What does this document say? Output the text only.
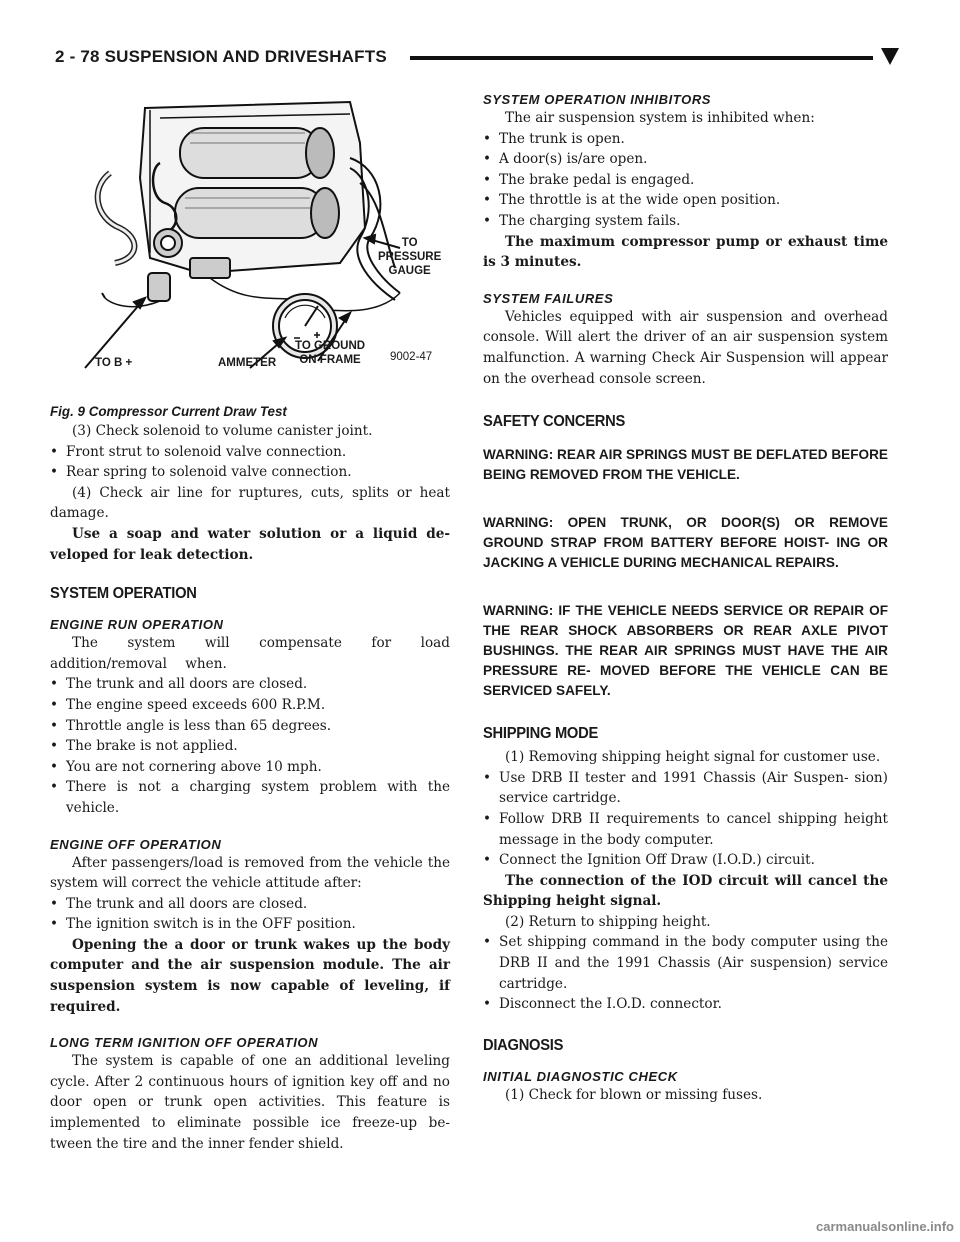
2 - 78 SUSPENSION AND DRIVESHAFTS
TO
PRESSURE
GAUGE
TO B +	AMMETER
TO GROUND
ON FRAME	9002-47
Fig. 9 Compressor Current Draw Test
(3) Check solenoid to volume canister joint.
• Front strut to solenoid valve connection.
• Rear spring to solenoid valve connection.
(4) Check air line for ruptures, cuts, splits or heat damage.
Use a soap and water solution or a liquid de- veloped for leak detection.
SYSTEM OPERATION
ENGINE RUN OPERATION
The system will compensate for load addition/removal when.
• The trunk and all doors are closed.
• The engine speed exceeds 600 R.P.M.
• Throttle angle is less than 65 degrees.
• The brake is not applied.
• You are not cornering above 10 mph.
• There is not a charging system problem with the vehicle.
ENGINE OFF OPERATION
After passengers/load is removed from the vehicle the system will correct the vehicle attitude after:
• The trunk and all doors are closed.
• The ignition switch is in the OFF position.
Opening the a door or trunk wakes up the body computer and the air suspension module. The air suspension system is now capable of leveling, if required.
LONG TERM IGNITION OFF OPERATION
The system is capable of one an additional leveling cycle. After 2 continuous hours of ignition key off and no door open or trunk open activities. This feature is implemented to eliminate possible ice freeze-up be- tween the tire and the inner fender shield.
SYSTEM OPERATION INHIBITORS
The air suspension system is inhibited when:
• The trunk is open.
• A door(s) is/are open.
• The brake pedal is engaged.
• The throttle is at the wide open position.
• The charging system fails.
The maximum compressor pump or exhaust time is 3 minutes.
SYSTEM FAILURES
Vehicles equipped with air suspension and overhead console. Will alert the driver of an air suspension system malfunction. A warning Check Air Suspension will appear on the overhead console screen.
SAFETY CONCERNS
WARNING: REAR AIR SPRINGS MUST BE DEFLATED BEFORE BEING REMOVED FROM THE VEHICLE.
WARNING: OPEN TRUNK, OR DOOR(S) OR REMOVE GROUND STRAP FROM BATTERY BEFORE HOIST- ING OR JACKING A VEHICLE DURING MECHANICAL REPAIRS.
WARNING: IF THE VEHICLE NEEDS SERVICE OR REPAIR OF THE REAR SHOCK ABSORBERS OR REAR AXLE PIVOT BUSHINGS. THE REAR AIR SPRINGS MUST HAVE THE AIR PRESSURE RE- MOVED BEFORE THE VEHICLE CAN BE SERVICED SAFELY.
SHIPPING MODE
(1) Removing shipping height signal for customer use.
• Use DRB II tester and 1991 Chassis (Air Suspen- sion) service cartridge.
• Follow DRB II requirements to cancel shipping height message in the body computer.
• Connect the Ignition Off Draw (I.O.D.) circuit.
The connection of the IOD circuit will cancel the Shipping height signal.
(2) Return to shipping height.
• Set shipping command in the body computer using the DRB II and the 1991 Chassis (Air suspension) service cartridge.
• Disconnect the I.O.D. connector.
DIAGNOSIS
INITIAL DIAGNOSTIC CHECK
(1) Check for blown or missing fuses.
carmanualsonline.info
